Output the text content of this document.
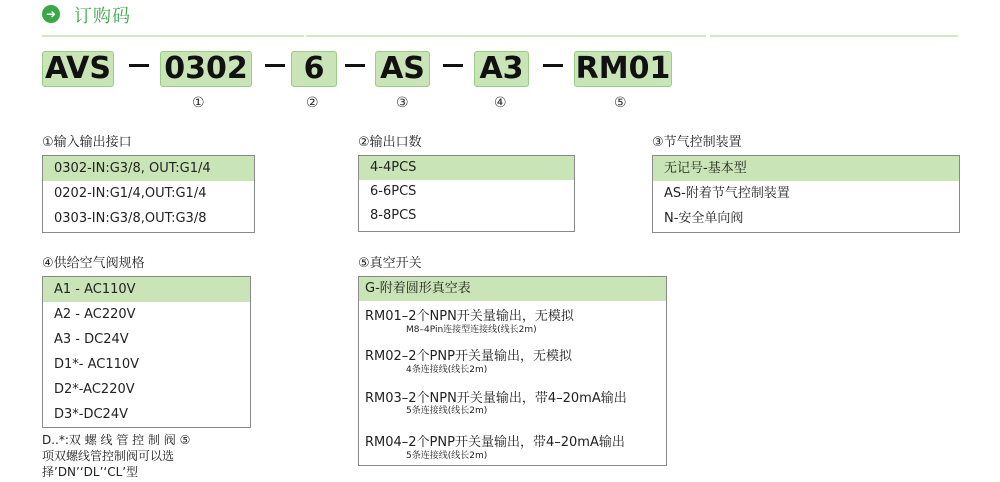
➜ 订购码
AVS 0302	6	AS A3 RM01
①	②	③	④	⑤
①输入输出接口
0302-IN:G3/8, OUT:G1/4
0202-IN:G1/4,OUT:G1/4
0303-IN:G3/8,OUT:G3/8
②输出口数
4-4PCS
6-6PCS
8-8PCS
③节气控制装置
无记号-基本型
AS-附着节气控制装置
N-安全单向阀
④供给空气阀规格
A1 - AC110V
A2 - AC220V
A3 - DC24V
D1*- AC110V
D2*-AC220V
D3*-DC24V
D..*:双 螺 线 管 控 制 阀 ⑤
项双螺线管控制阀可以选
择’DN’‘DL’‘CL’型
⑤真空开关
G-附着圆形真空表
RM01–2个NPN开关量输出，无模拟
M8–4Pin连接型连接线(线长2m)
RM02–2个PNP开关量输出，无模拟
4条连接线(线长2m)
RM03–2个NPN开关量输出，带4–20mA输出
5条连接线(线长2m)
RM04–2个PNP开关量输出，带4–20mA输出
5条连接线(线长2m)
